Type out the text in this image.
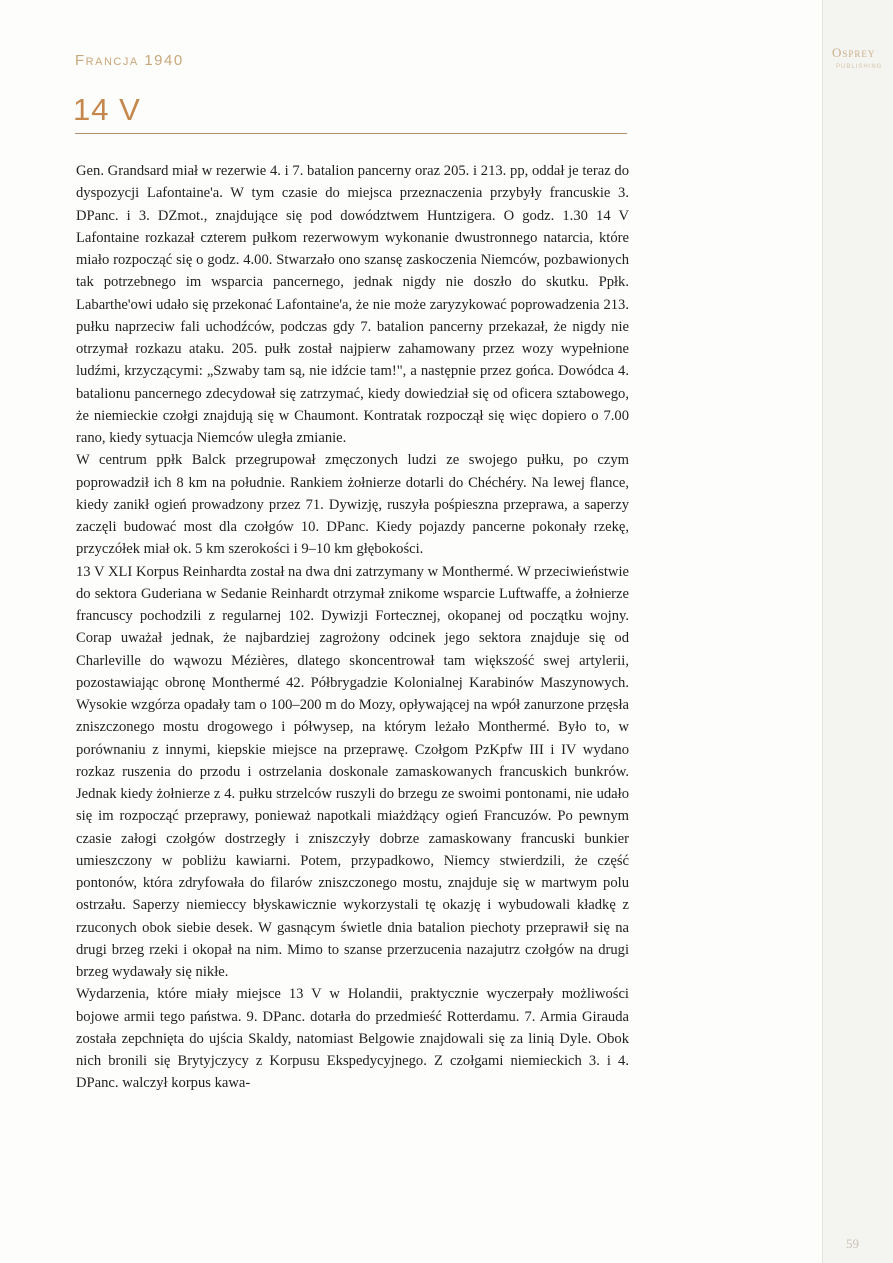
Osprey
PUBLISHING
Francja 1940
14 V

Gen. Grandsard miał w rezerwie 4. i 7. batalion pancerny oraz 205. i 213. pp, oddał je teraz do dyspozycji Lafontaine'a. W tym czasie do miejsca przeznaczenia przybyły francuskie 3. DPanc. i 3. DZmot., znajdujące się pod dowództwem Huntzigera. O godz. 1.30 14 V Lafontaine rozkazał czterem pułkom rezerwowym wykonanie dwustronnego natarcia, które miało rozpocząć się o godz. 4.00. Stwarzało ono szansę zaskoczenia Niemców, pozbawionych tak potrzebnego im wsparcia pancernego, jednak nigdy nie doszło do skutku. Ppłk. Labarthe'owi udało się przekonać Lafontaine'a, że nie może zaryzykować poprowadzenia 213. pułku naprzeciw fali uchodźców, podczas gdy 7. batalion pancerny przekazał, że nigdy nie otrzymał rozkazu ataku. 205. pułk został najpierw zahamowany przez wozy wypełnione ludźmi, krzyczącymi: „Szwaby tam są, nie idźcie tam!", a następnie przez gońca. Dowódca 4. batalionu pancernego zdecydował się zatrzymać, kiedy dowiedział się od oficera sztabowego, że niemieckie czołgi znajdują się w Chaumont. Kontratak rozpoczął się więc dopiero o 7.00 rano, kiedy sytuacja Niemców uległa zmianie.

W centrum ppłk Balck przegrupował zmęczonych ludzi ze swojego pułku, po czym poprowadził ich 8 km na południe. Rankiem żołnierze dotarli do Chéchéry. Na lewej flance, kiedy zanikł ogień prowadzony przez 71. Dywizję, ruszyła pośpieszna przeprawa, a saperzy zaczęli budować most dla czołgów 10. DPanc. Kiedy pojazdy pancerne pokonały rzekę, przyczółek miał ok. 5 km szerokości i 9–10 km głębokości.

13 V XLI Korpus Reinhardta został na dwa dni zatrzymany w Monthermé. W przeciwieństwie do sektora Guderiana w Sedanie Reinhardt otrzymał znikome wsparcie Luftwaffe, a żołnierze francuscy pochodzili z regularnej 102. Dywizji Fortecznej, okopanej od początku wojny. Corap uważał jednak, że najbardziej zagrożony odcinek jego sektora znajduje się od Charleville do wąwozu Mézières, dlatego skoncentrował tam większość swej artylerii, pozostawiając obronę Monthermé 42. Półbrygadzie Kolonialnej Karabinów Maszynowych. Wysokie wzgórza opadały tam o 100–200 m do Mozy, opływającej na wpół zanurzone przęsła zniszczonego mostu drogowego i półwysep, na którym leżało Monthermé. Było to, w porównaniu z innymi, kiepskie miejsce na przeprawę. Czołgom PzKpfw III i IV wydano rozkaz ruszenia do przodu i ostrzelania doskonale zamaskowanych francuskich bunkrów. Jednak kiedy żołnierze z 4. pułku strzelców ruszyli do brzegu ze swoimi pontonami, nie udało się im rozpocząć przeprawy, ponieważ napotkali miażdżący ogień Francuzów. Po pewnym czasie załogi czołgów dostrzegły i zniszczyły dobrze zamaskowany francuski bunkier umieszczony w pobliżu kawiarni. Potem, przypadkowo, Niemcy stwierdzili, że część pontonów, która zdryfowała do filarów zniszczonego mostu, znajduje się w martwym polu ostrzału. Saperzy niemieccy błyskawicznie wykorzystali tę okazję i wybudowali kładkę z rzuconych obok siebie desek. W gasnącym świetle dnia batalion piechoty przeprawił się na drugi brzeg rzeki i okopał na nim. Mimo to szanse przerzucenia nazajutrz czołgów na drugi brzeg wydawały się nikłe.

Wydarzenia, które miały miejsce 13 V w Holandii, praktycznie wyczerpały możliwości bojowe armii tego państwa. 9. DPanc. dotarła do przedmieść Rotterdamu. 7. Armia Girauda została zepchnięta do ujścia Skaldy, natomiast Belgowie znajdowali się za linią Dyle. Obok nich bronili się Brytyjczycy z Korpusu Ekspedycyjnego. Z czołgami niemieckich 3. i 4. DPanc. walczył korpus kawa-

59
